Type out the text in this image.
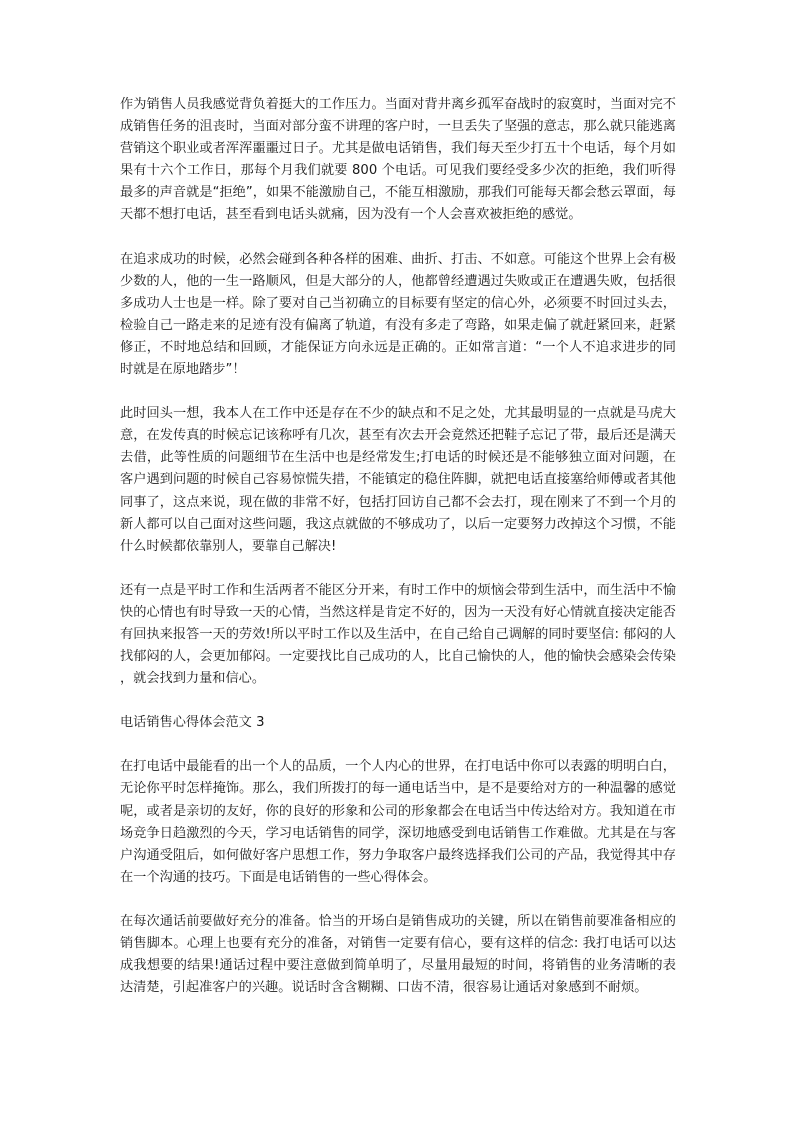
作为销售人员我感觉背负着挺大的工作压力。当面对背井离乡孤军奋战时的寂寞时，当面对完不成销售任务的沮丧时，当面对部分蛮不讲理的客户时，一旦丢失了坚强的意志，那么就只能逃离营销这个职业或者浑浑噩噩过日子。尤其是做电话销售，我们每天至少打五十个电话，每个月如果有十六个工作日，那每个月我们就要 800 个电话。可见我们要经受多少次的拒绝，我们听得最多的声音就是“拒绝”，如果不能激励自己，不能互相激励，那我们可能每天都会愁云罩面，每天都不想打电话，甚至看到电话头就痛，因为没有一个人会喜欢被拒绝的感觉。

在追求成功的时候，必然会碰到各种各样的困难、曲折、打击、不如意。可能这个世界上会有极少数的人，他的一生一路顺风，但是大部分的人，他都曾经遭遇过失败或正在遭遇失败，包括很多成功人士也是一样。除了要对自己当初确立的目标要有坚定的信心外，必须要不时回过头去，检验自己一路走来的足迹有没有偏离了轨道，有没有多走了弯路，如果走偏了就赶紧回来，赶紧修正，不时地总结和回顾，才能保证方向永远是正确的。正如常言道：“一个人不追求进步的同时就是在原地踏步”！

此时回头一想，我本人在工作中还是存在不少的缺点和不足之处，尤其最明显的一点就是马虎大意，在发传真的时候忘记该称呼有几次，甚至有次去开会竟然还把鞋子忘记了带，最后还是满天去借，此等性质的问题细节在生活中也是经常发生;打电话的时候还是不能够独立面对问题，在客户遇到问题的时候自己容易惊慌失措，不能镇定的稳住阵脚，就把电话直接塞给师傅或者其他同事了，这点来说，现在做的非常不好，包括打回访自己都不会去打，现在刚来了不到一个月的新人都可以自己面对这些问题，我这点就做的不够成功了，以后一定要努力改掉这个习惯，不能什么时候都依靠别人，要靠自己解决!

还有一点是平时工作和生活两者不能区分开来，有时工作中的烦恼会带到生活中，而生活中不愉快的心情也有时导致一天的心情，当然这样是肯定不好的，因为一天没有好心情就直接决定能否有回执来报答一天的劳效!所以平时工作以及生活中，在自己给自己调解的同时要坚信: 郁闷的人找郁闷的人，会更加郁闷。一定要找比自己成功的人，比自己愉快的人，他的愉快会感染会传染，就会找到力量和信心。

电话销售心得体会范文 3

在打电话中最能看的出一个人的品质，一个人内心的世界，在打电话中你可以表露的明明白白，无论你平时怎样掩饰。那么，我们所拨打的每一通电话当中，是不是要给对方的一种温馨的感觉呢，或者是亲切的友好，你的良好的形象和公司的形象都会在电话当中传达给对方。我知道在市场竞争日趋激烈的今天，学习电话销售的同学，深切地感受到电话销售工作难做。尤其是在与客户沟通受阻后，如何做好客户思想工作，努力争取客户最终选择我们公司的产品，我觉得其中存在一个沟通的技巧。下面是电话销售的一些心得体会。

在每次通话前要做好充分的准备。恰当的开场白是销售成功的关键，所以在销售前要准备相应的销售脚本。心理上也要有充分的准备，对销售一定要有信心，要有这样的信念: 我打电话可以达成我想要的结果!通话过程中要注意做到简单明了，尽量用最短的时间，将销售的业务清晰的表达清楚，引起准客户的兴趣。说话时含含糊糊、口齿不清，很容易让通话对象感到不耐烦。
